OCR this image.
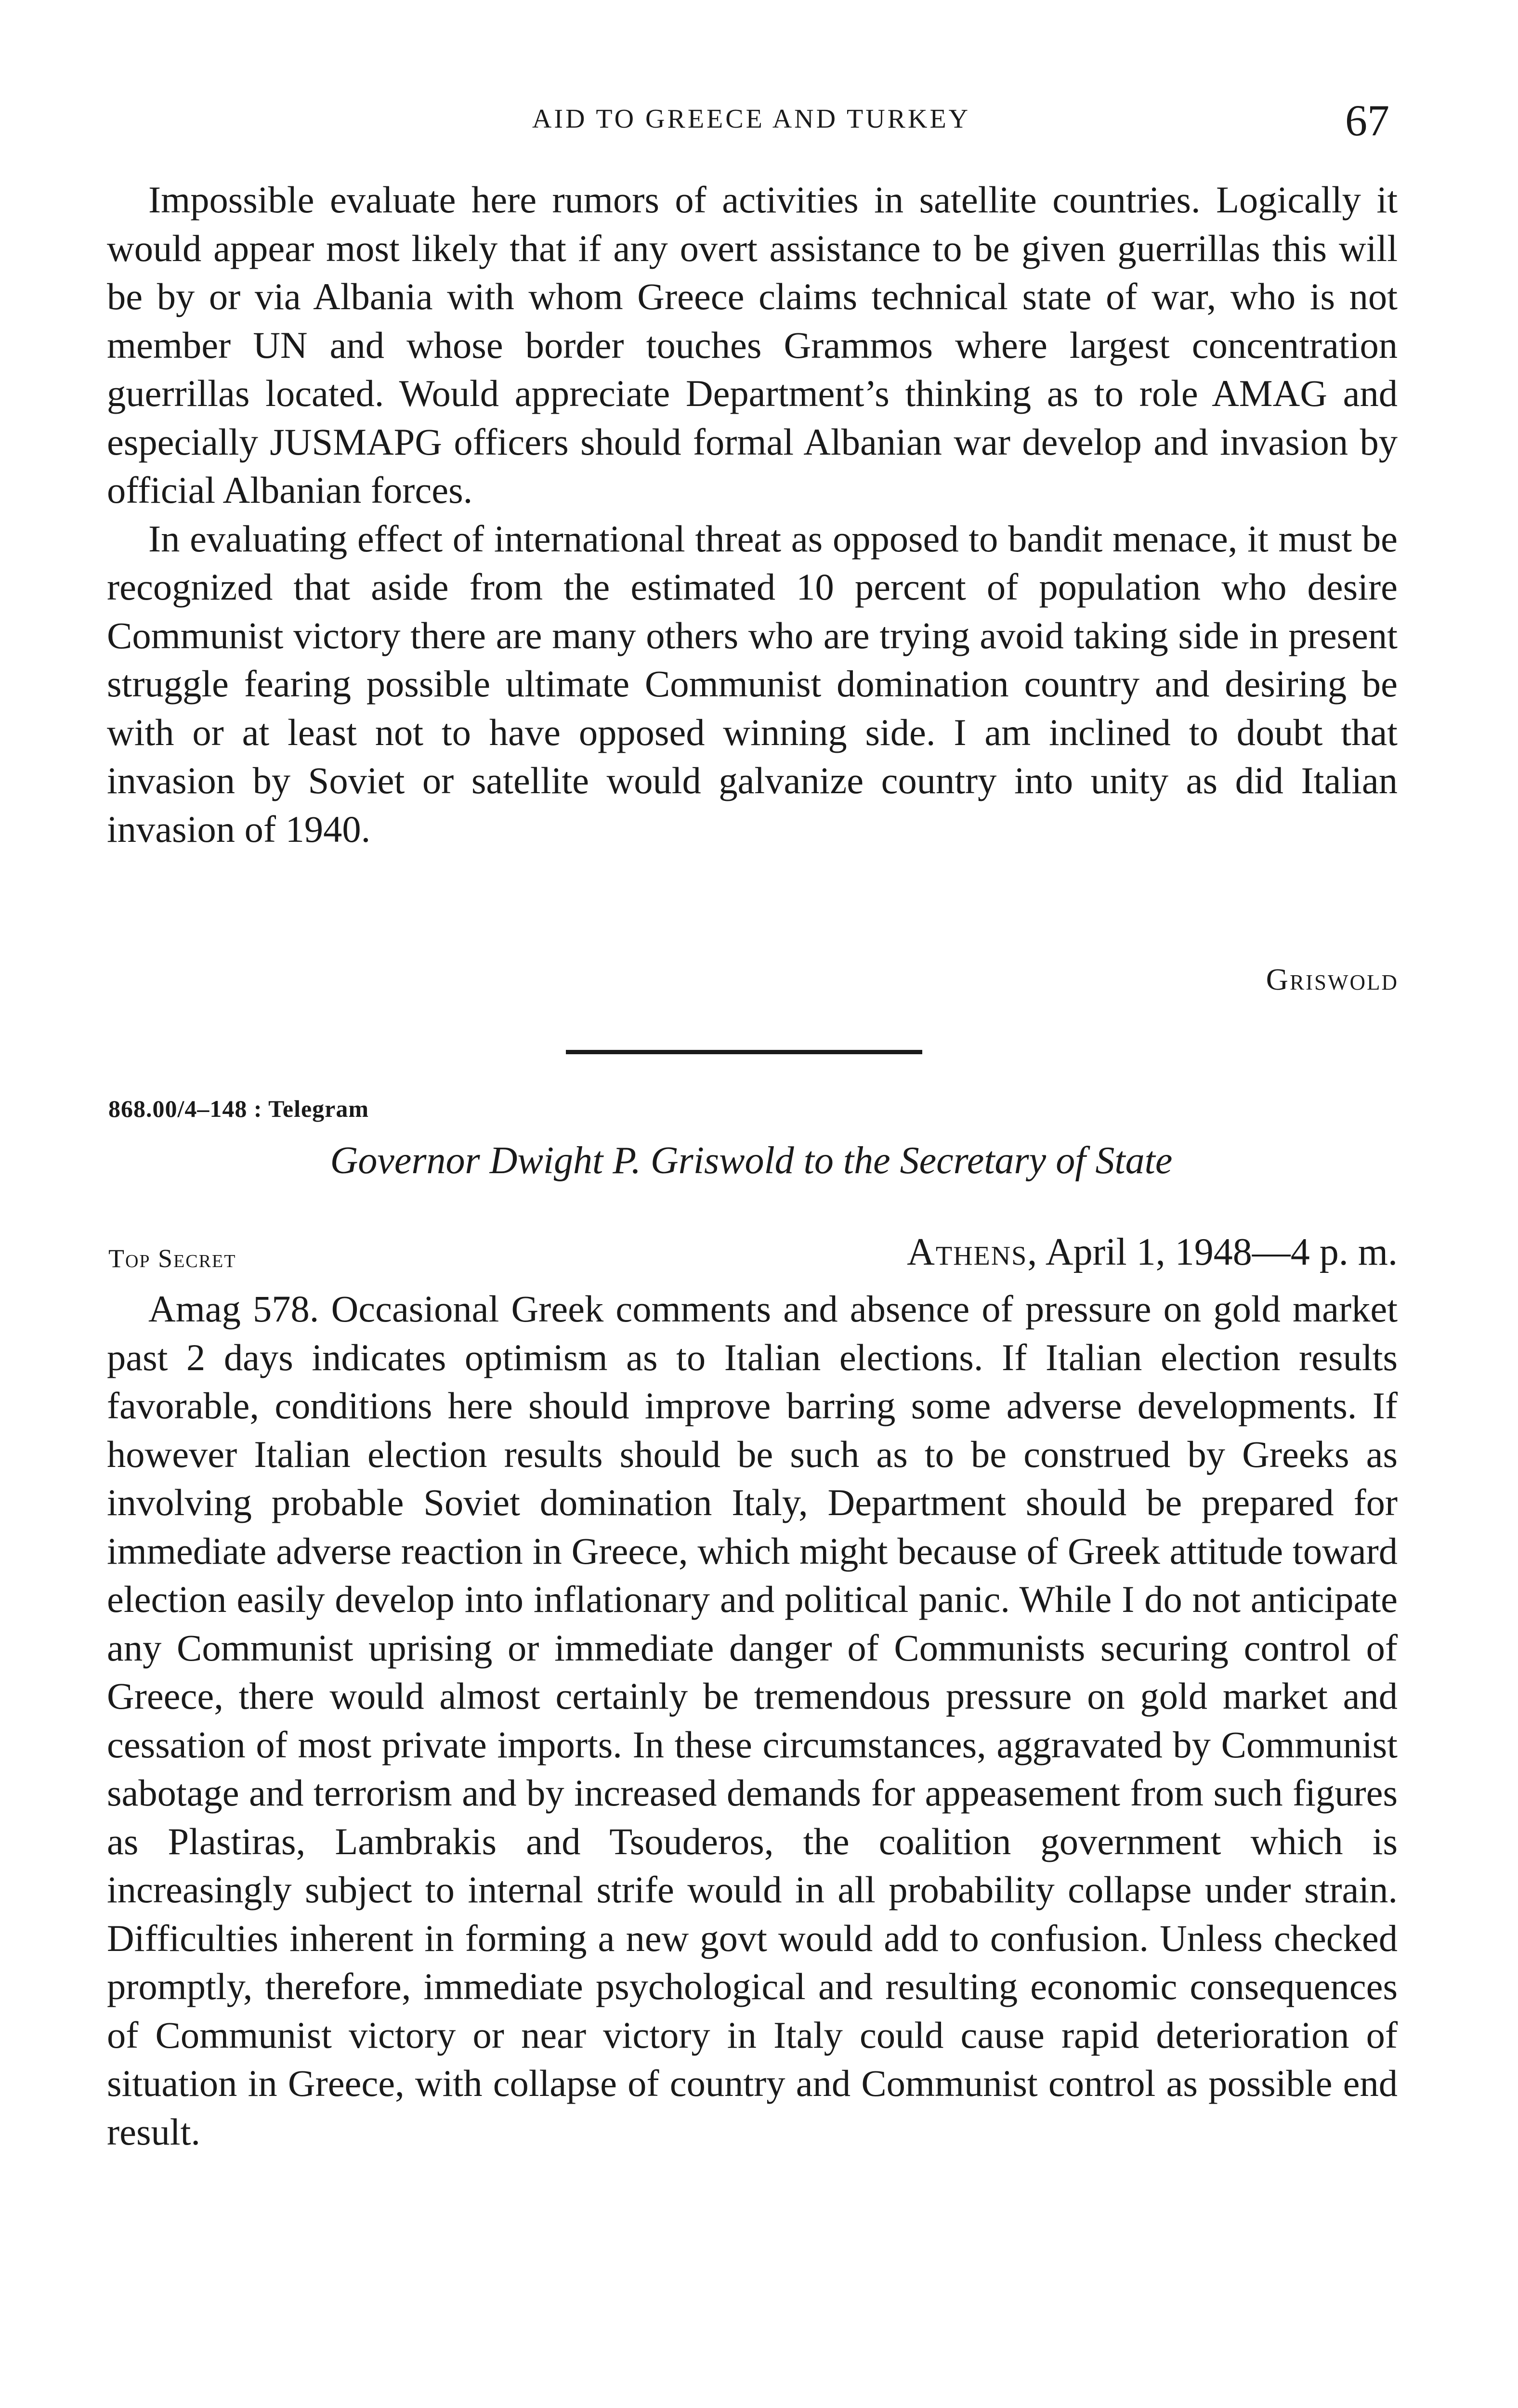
AID TO GREECE AND TURKEY	67

Impossible evaluate here rumors of activities in satellite countries. Logically it would appear most likely that if any overt assistance to be given guerrillas this will be by or via Albania with whom Greece claims technical state of war, who is not member UN and whose border touches Grammos where largest concentration guerrillas located. Would appreciate Department’s thinking as to role AMAG and especially JUSMAPG officers should formal Albanian war develop and invasion by official Albanian forces.

In evaluating effect of international threat as opposed to bandit menace, it must be recognized that aside from the estimated 10 percent of population who desire Communist victory there are many others who are trying avoid taking side in present struggle fearing possible ultimate Communist domination country and desiring be with or at least not to have opposed winning side. I am inclined to doubt that invasion by Soviet or satellite would galvanize country into unity as did Italian invasion of 1940.

Griswold
868.00/4–148 : Telegram
Governor Dwight P. Griswold to the Secretary of State
Top Secret	Athens, April 1, 1948—4 p. m.

Amag 578. Occasional Greek comments and absence of pressure on gold market past 2 days indicates optimism as to Italian elections. If Italian election results favorable, conditions here should improve barring some adverse developments. If however Italian election results should be such as to be construed by Greeks as involving probable Soviet domination Italy, Department should be prepared for immediate adverse reaction in Greece, which might because of Greek attitude toward election easily develop into inflationary and political panic. While I do not anticipate any Communist uprising or immediate danger of Communists securing control of Greece, there would almost certainly be tremendous pressure on gold market and cessation of most private imports. In these circumstances, aggravated by Communist sabotage and terrorism and by increased demands for appeasement from such figures as Plastiras, Lambrakis and Tsouderos, the coalition government which is increasingly subject to internal strife would in all probability collapse under strain. Difficulties inherent in forming a new govt would add to confusion. Unless checked promptly, therefore, immediate psychological and resulting economic consequences of Communist victory or near victory in Italy could cause rapid deterioration of situation in Greece, with collapse of country and Communist control as possible end result.
